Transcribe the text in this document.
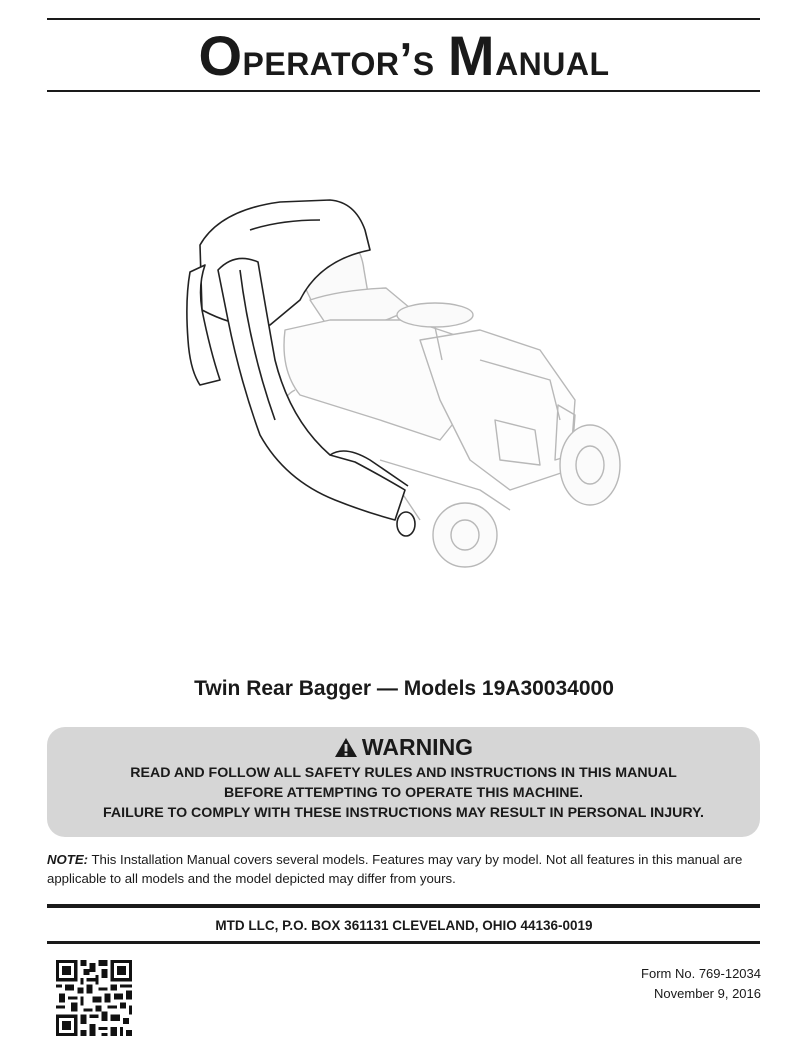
Operator’s Manual
Twin Rear Bagger — Models 19A30034000
WARNING
READ AND FOLLOW ALL SAFETY RULES AND INSTRUCTIONS IN THIS MANUAL
BEFORE ATTEMPTING TO OPERATE THIS MACHINE.
FAILURE TO COMPLY WITH THESE INSTRUCTIONS MAY RESULT IN PERSONAL INJURY.
NOTE: This Installation Manual covers several models. Features may vary by model. Not all features in this manual are applicable to all models and the model depicted may differ from yours.
MTD LLC, P.O. BOX 361131 CLEVELAND, OHIO 44136-0019
Form No. 769-12034
November 9, 2016
